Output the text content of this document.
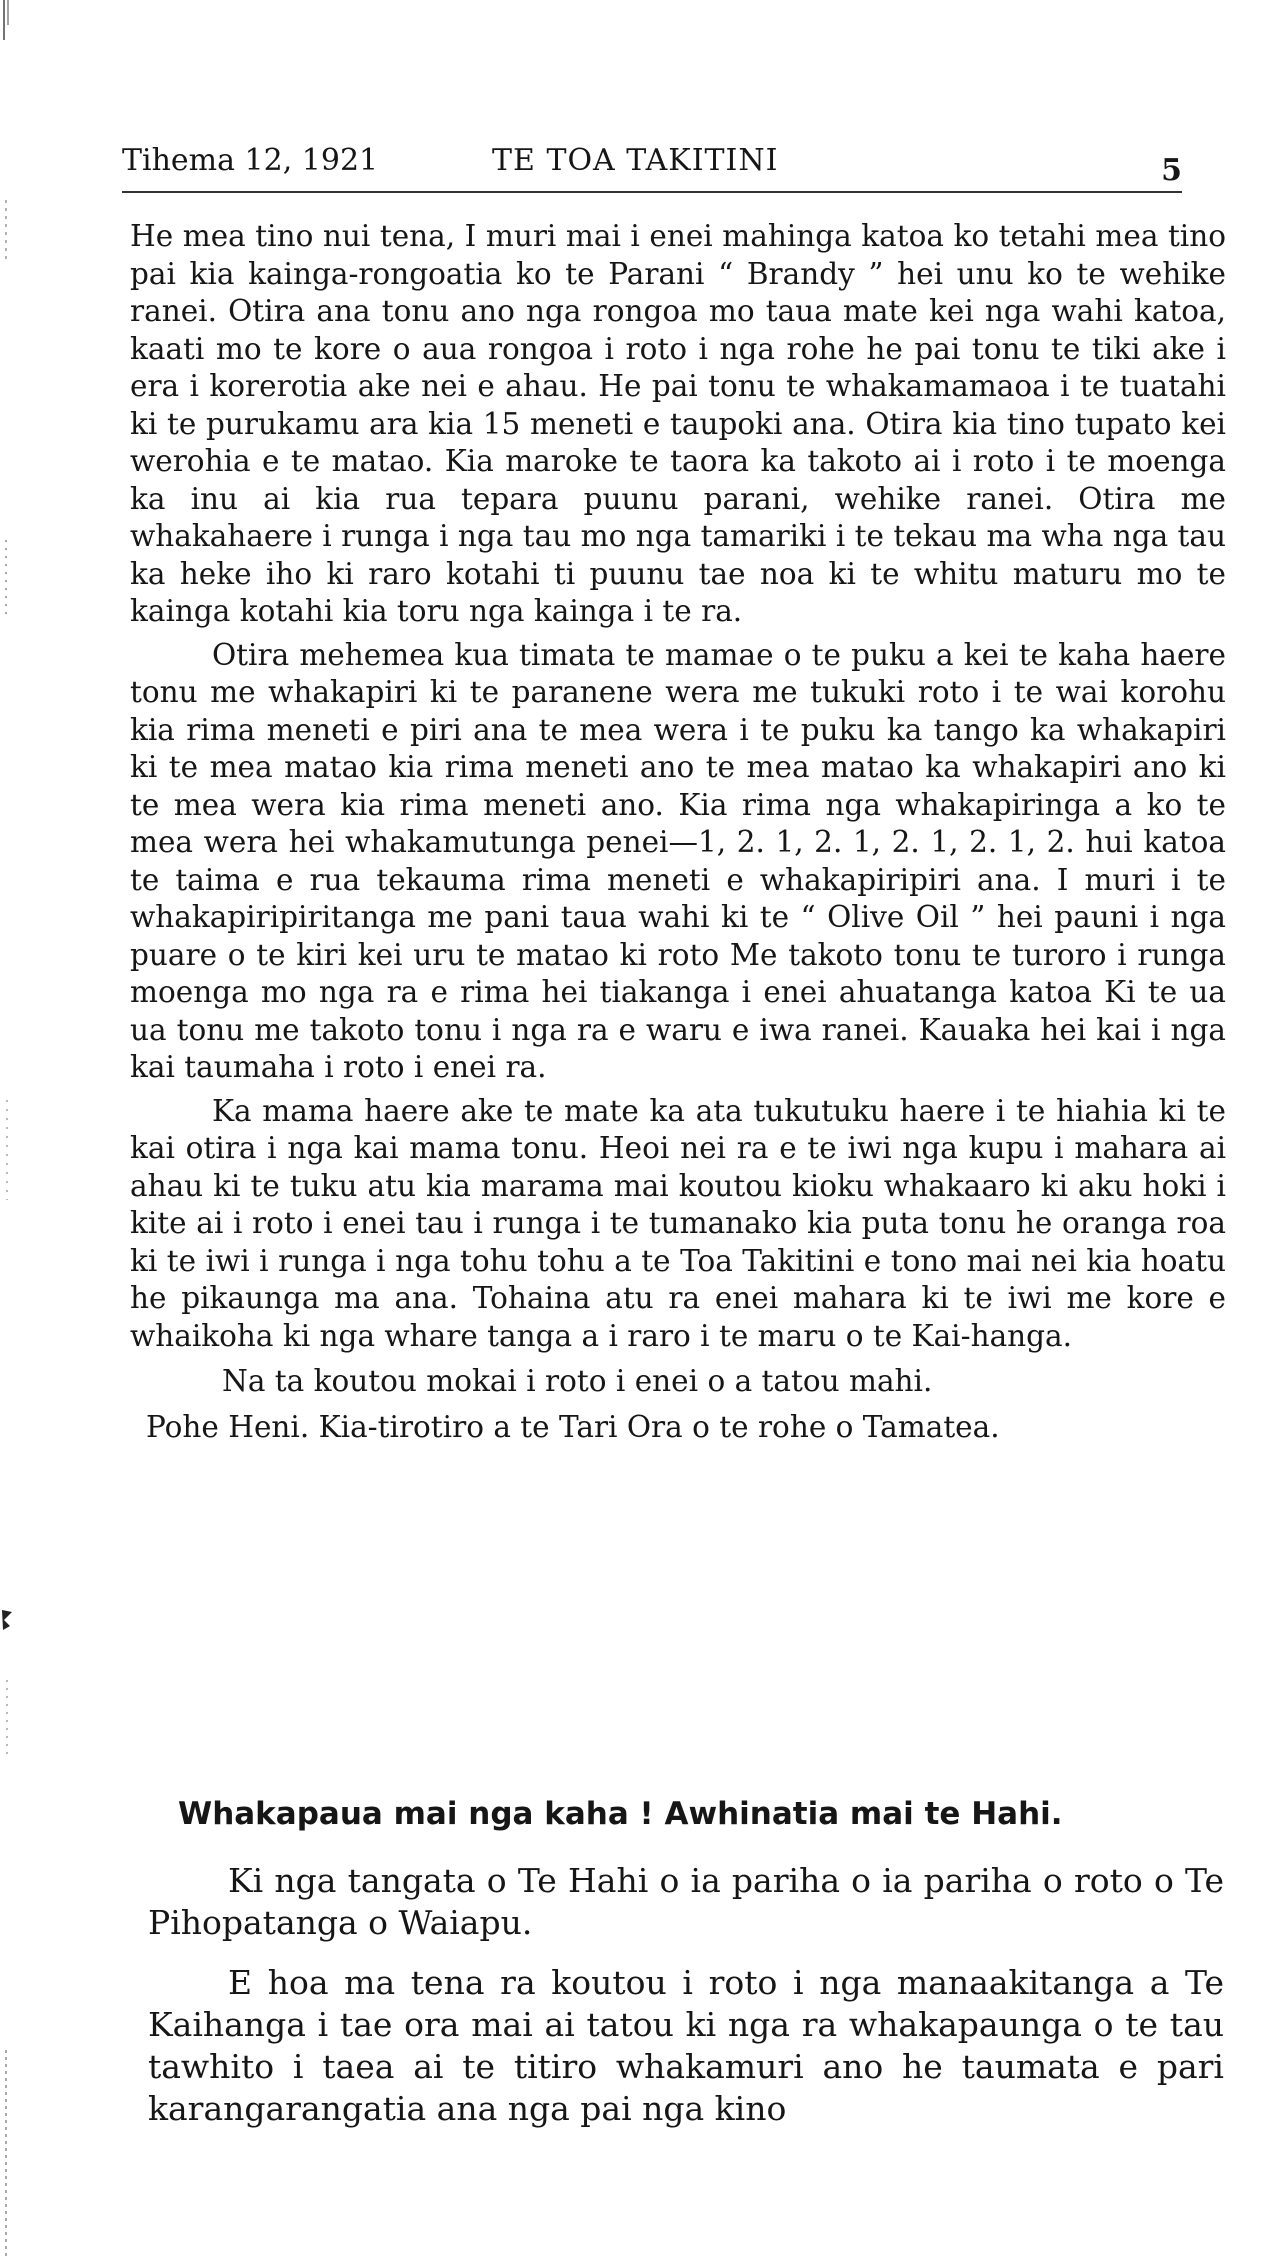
Tihema 12, 1921	TE TOA TAKITINI	5

He mea tino nui tena, I muri mai i enei mahinga katoa ko tetahi mea tino pai kia kainga-rongoatia ko te Parani “ Brandy ” hei unu ko te wehike ranei. Otira ana tonu ano nga rongoa mo taua mate kei nga wahi katoa, kaati mo te kore o aua rongoa i roto i nga rohe he pai tonu te tiki ake i era i korerotia ake nei e ahau. He pai tonu te whakamamaoa i te tuatahi ki te purukamu ara kia 15 meneti e taupoki ana. Otira kia tino tupato kei werohia e te matao. Kia maroke te taora ka takoto ai i roto i te moenga ka inu ai kia rua tepara puunu parani, wehike ranei. Otira me whakahaere i runga i nga tau mo nga tamariki i te tekau ma wha nga tau ka heke iho ki raro kotahi ti puunu tae noa ki te whitu maturu mo te kainga kotahi kia toru nga kainga i te ra.

Otira mehemea kua timata te mamae o te puku a kei te kaha haere tonu me whakapiri ki te paranene wera me tukuki roto i te wai korohu kia rima meneti e piri ana te mea wera i te puku ka tango ka whakapiri ki te mea matao kia rima meneti ano te mea matao ka whakapiri ano ki te mea wera kia rima meneti ano. Kia rima nga whakapiringa a ko te mea wera hei whakamutunga penei—1, 2. 1, 2. 1, 2. 1, 2. 1, 2. hui katoa te taima e rua tekauma rima meneti e whakapiripiri ana. I muri i te whakapiripiritanga me pani taua wahi ki te “ Olive Oil ” hei pauni i nga puare o te kiri kei uru te matao ki roto Me takoto tonu te turoro i runga moenga mo nga ra e rima hei tiakanga i enei ahuatanga katoa Ki te ua ua tonu me takoto tonu i nga ra e waru e iwa ranei. Kauaka hei kai i nga kai taumaha i roto i enei ra.

Ka mama haere ake te mate ka ata tukutuku haere i te hiahia ki te kai otira i nga kai mama tonu. Heoi nei ra e te iwi nga kupu i mahara ai ahau ki te tuku atu kia marama mai koutou kioku whakaaro ki aku hoki i kite ai i roto i enei tau i runga i te tumanako kia puta tonu he oranga roa ki te iwi i runga i nga tohu tohu a te Toa Takitini e tono mai nei kia hoatu he pikaunga ma ana. Tohaina atu ra enei mahara ki te iwi me kore e whaikoha ki nga whare tanga a i raro i te maru o te Kai-hanga.

Na ta koutou mokai i roto i enei o a tatou mahi.

Pohe Heni. Kia-tirotiro a te Tari Ora o te rohe o Tamatea.

Whakapaua mai nga kaha ! Awhinatia mai te Hahi.

Ki nga tangata o Te Hahi o ia pariha o ia pariha o roto o Te Pihopatanga o Waiapu.

E hoa ma tena ra koutou i roto i nga manaakitanga a Te Kaihanga i tae ora mai ai tatou ki nga ra whakapaunga o te tau tawhito i taea ai te titiro whakamuri ano he taumata e pari karangarangatia ana nga pai nga kino
